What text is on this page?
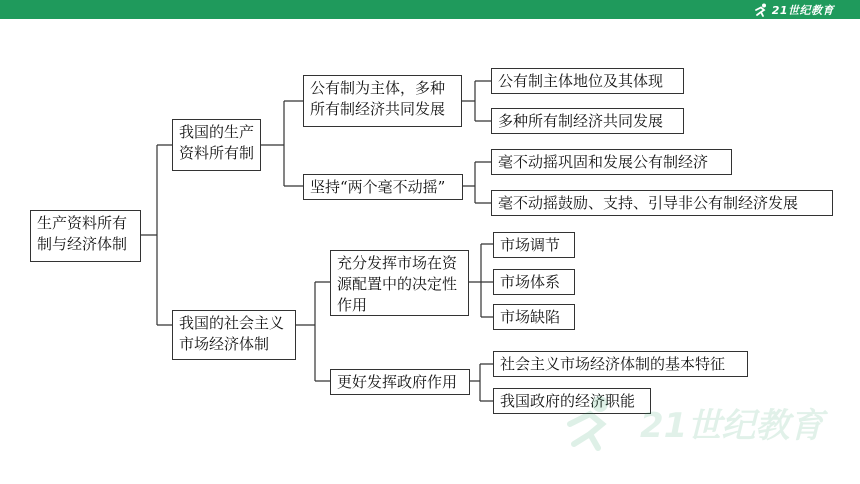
21世纪教育
生产资料所有制与经济体制
我国的生产资料所有制
我国的社会主义市场经济体制
公有制为主体，多种所有制经济共同发展
坚持“两个毫不动摇”
充分发挥市场在资源配置中的决定性作用
更好发挥政府作用
公有制主体地位及其体现
多种所有制经济共同发展
毫不动摇巩固和发展公有制经济
毫不动摇鼓励、支持、引导非公有制经济发展
市场调节
市场体系
市场缺陷
社会主义市场经济体制的基本特征
我国政府的经济职能
21世纪教育
